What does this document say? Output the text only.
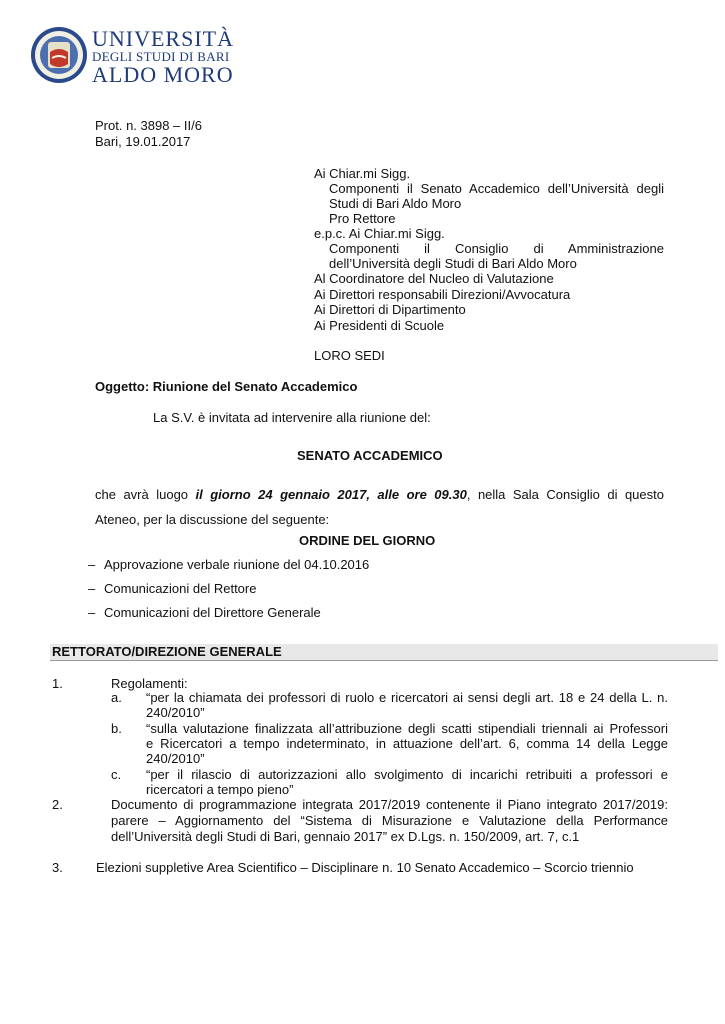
UNIVERSITÀ
DEGLI STUDI DI BARI
ALDO MORO
Prot. n. 3898 – II/6
Bari, 19.01.2017
Ai Chiar.mi Sigg.
Componenti il Senato Accademico dell’Università degli
Studi di Bari Aldo Moro
Pro Rettore
e.p.c. Ai Chiar.mi Sigg.
Componenti il Consiglio di Amministrazione
dell’Università degli Studi di Bari Aldo Moro
Al Coordinatore del Nucleo di Valutazione
Ai Direttori responsabili Direzioni/Avvocatura
Ai Direttori di Dipartimento
Ai Presidenti di Scuole
LORO SEDI
Oggetto: Riunione del Senato Accademico
La S.V. è invitata ad intervenire alla riunione del:
SENATO ACCADEMICO
che avrà luogo il giorno 24 gennaio 2017, alle ore 09.30, nella Sala Consiglio di questo
Ateneo, per la discussione del seguente:
ORDINE DEL GIORNO
– Approvazione verbale riunione del 04.10.2016
– Comunicazioni del Rettore
– Comunicazioni del Direttore Generale
RETTORATO/DIREZIONE GENERALE
1.	Regolamenti:
a. “per la chiamata dei professori di ruolo e ricercatori ai sensi degli art. 18 e 24 della L. n.
240/2010”
b. “sulla valutazione finalizzata all’attribuzione degli scatti stipendiali triennali ai Professori
e Ricercatori a tempo indeterminato, in attuazione dell’art. 6, comma 14 della Legge
240/2010”
c. “per il rilascio di autorizzazioni allo svolgimento di incarichi retribuiti a professori e
ricercatori a tempo pieno”
2.	Documento di programmazione integrata 2017/2019 contenente il Piano integrato 2017/2019:
parere – Aggiornamento del “Sistema di Misurazione e Valutazione della Performance
dell’Università degli Studi di Bari, gennaio 2017” ex D.Lgs. n. 150/2009, art. 7, c.1
3.	Elezioni suppletive Area Scientifico – Disciplinare n. 10 Senato Accademico – Scorcio triennio
